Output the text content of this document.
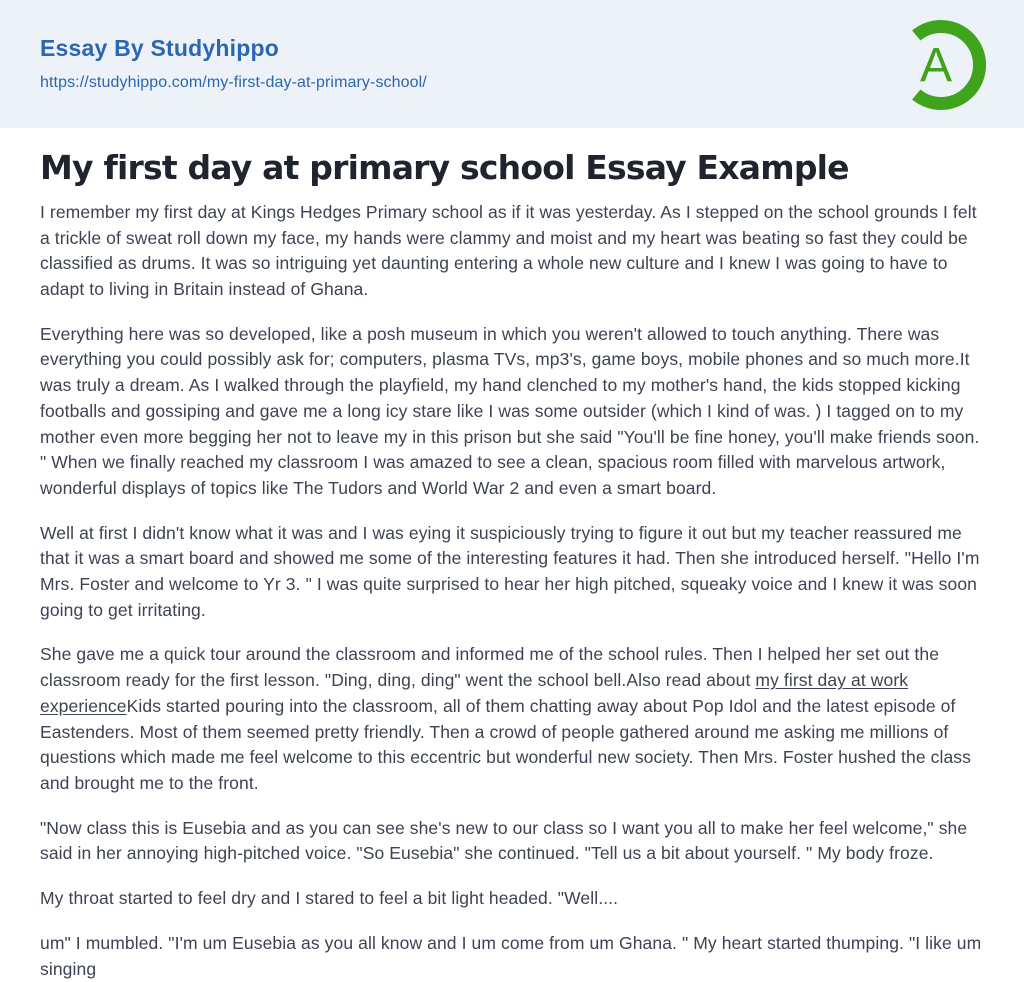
Essay By Studyhippo
https://studyhippo.com/my-first-day-at-primary-school/	A
My first day at primary school Essay Example

I remember my first day at Kings Hedges Primary school as if it was yesterday. As I stepped on the school grounds I felt a trickle of sweat roll down my face, my hands were clammy and moist and my heart was beating so fast they could be classified as drums. It was so intriguing yet daunting entering a whole new culture and I knew I was going to have to adapt to living in Britain instead of Ghana.

Everything here was so developed, like a posh museum in which you weren't allowed to touch anything. There was everything you could possibly ask for; computers, plasma TVs, mp3's, game boys, mobile phones and so much more.It was truly a dream. As I walked through the playfield, my hand clenched to my mother's hand, the kids stopped kicking footballs and gossiping and gave me a long icy stare like I was some outsider (which I kind of was. ) I tagged on to my mother even more begging her not to leave my in this prison but she said "You'll be fine honey, you'll make friends soon. " When we finally reached my classroom I was amazed to see a clean, spacious room filled with marvelous artwork, wonderful displays of topics like The Tudors and World War 2 and even a smart board.

Well at first I didn't know what it was and I was eying it suspiciously trying to figure it out but my teacher reassured me that it was a smart board and showed me some of the interesting features it had. Then she introduced herself. "Hello I'm Mrs. Foster and welcome to Yr 3. " I was quite surprised to hear her high pitched, squeaky voice and I knew it was soon going to get irritating.

She gave me a quick tour around the classroom and informed me of the school rules. Then I helped her set out the classroom ready for the first lesson. "Ding, ding, ding" went the school bell.Also read about my first day at work experienceKids started pouring into the classroom, all of them chatting away about Pop Idol and the latest episode of Eastenders. Most of them seemed pretty friendly. Then a crowd of people gathered around me asking me millions of questions which made me feel welcome to this eccentric but wonderful new society. Then Mrs. Foster hushed the class and brought me to the front.

"Now class this is Eusebia and as you can see she's new to our class so I want you all to make her feel welcome," she said in her annoying high-pitched voice. "So Eusebia" she continued. "Tell us a bit about yourself. " My body froze.

My throat started to feel dry and I stared to feel a bit light headed. "Well....

um" I mumbled. "I'm um Eusebia as you all know and I um come from um Ghana. " My heart started thumping. "I like um singing
